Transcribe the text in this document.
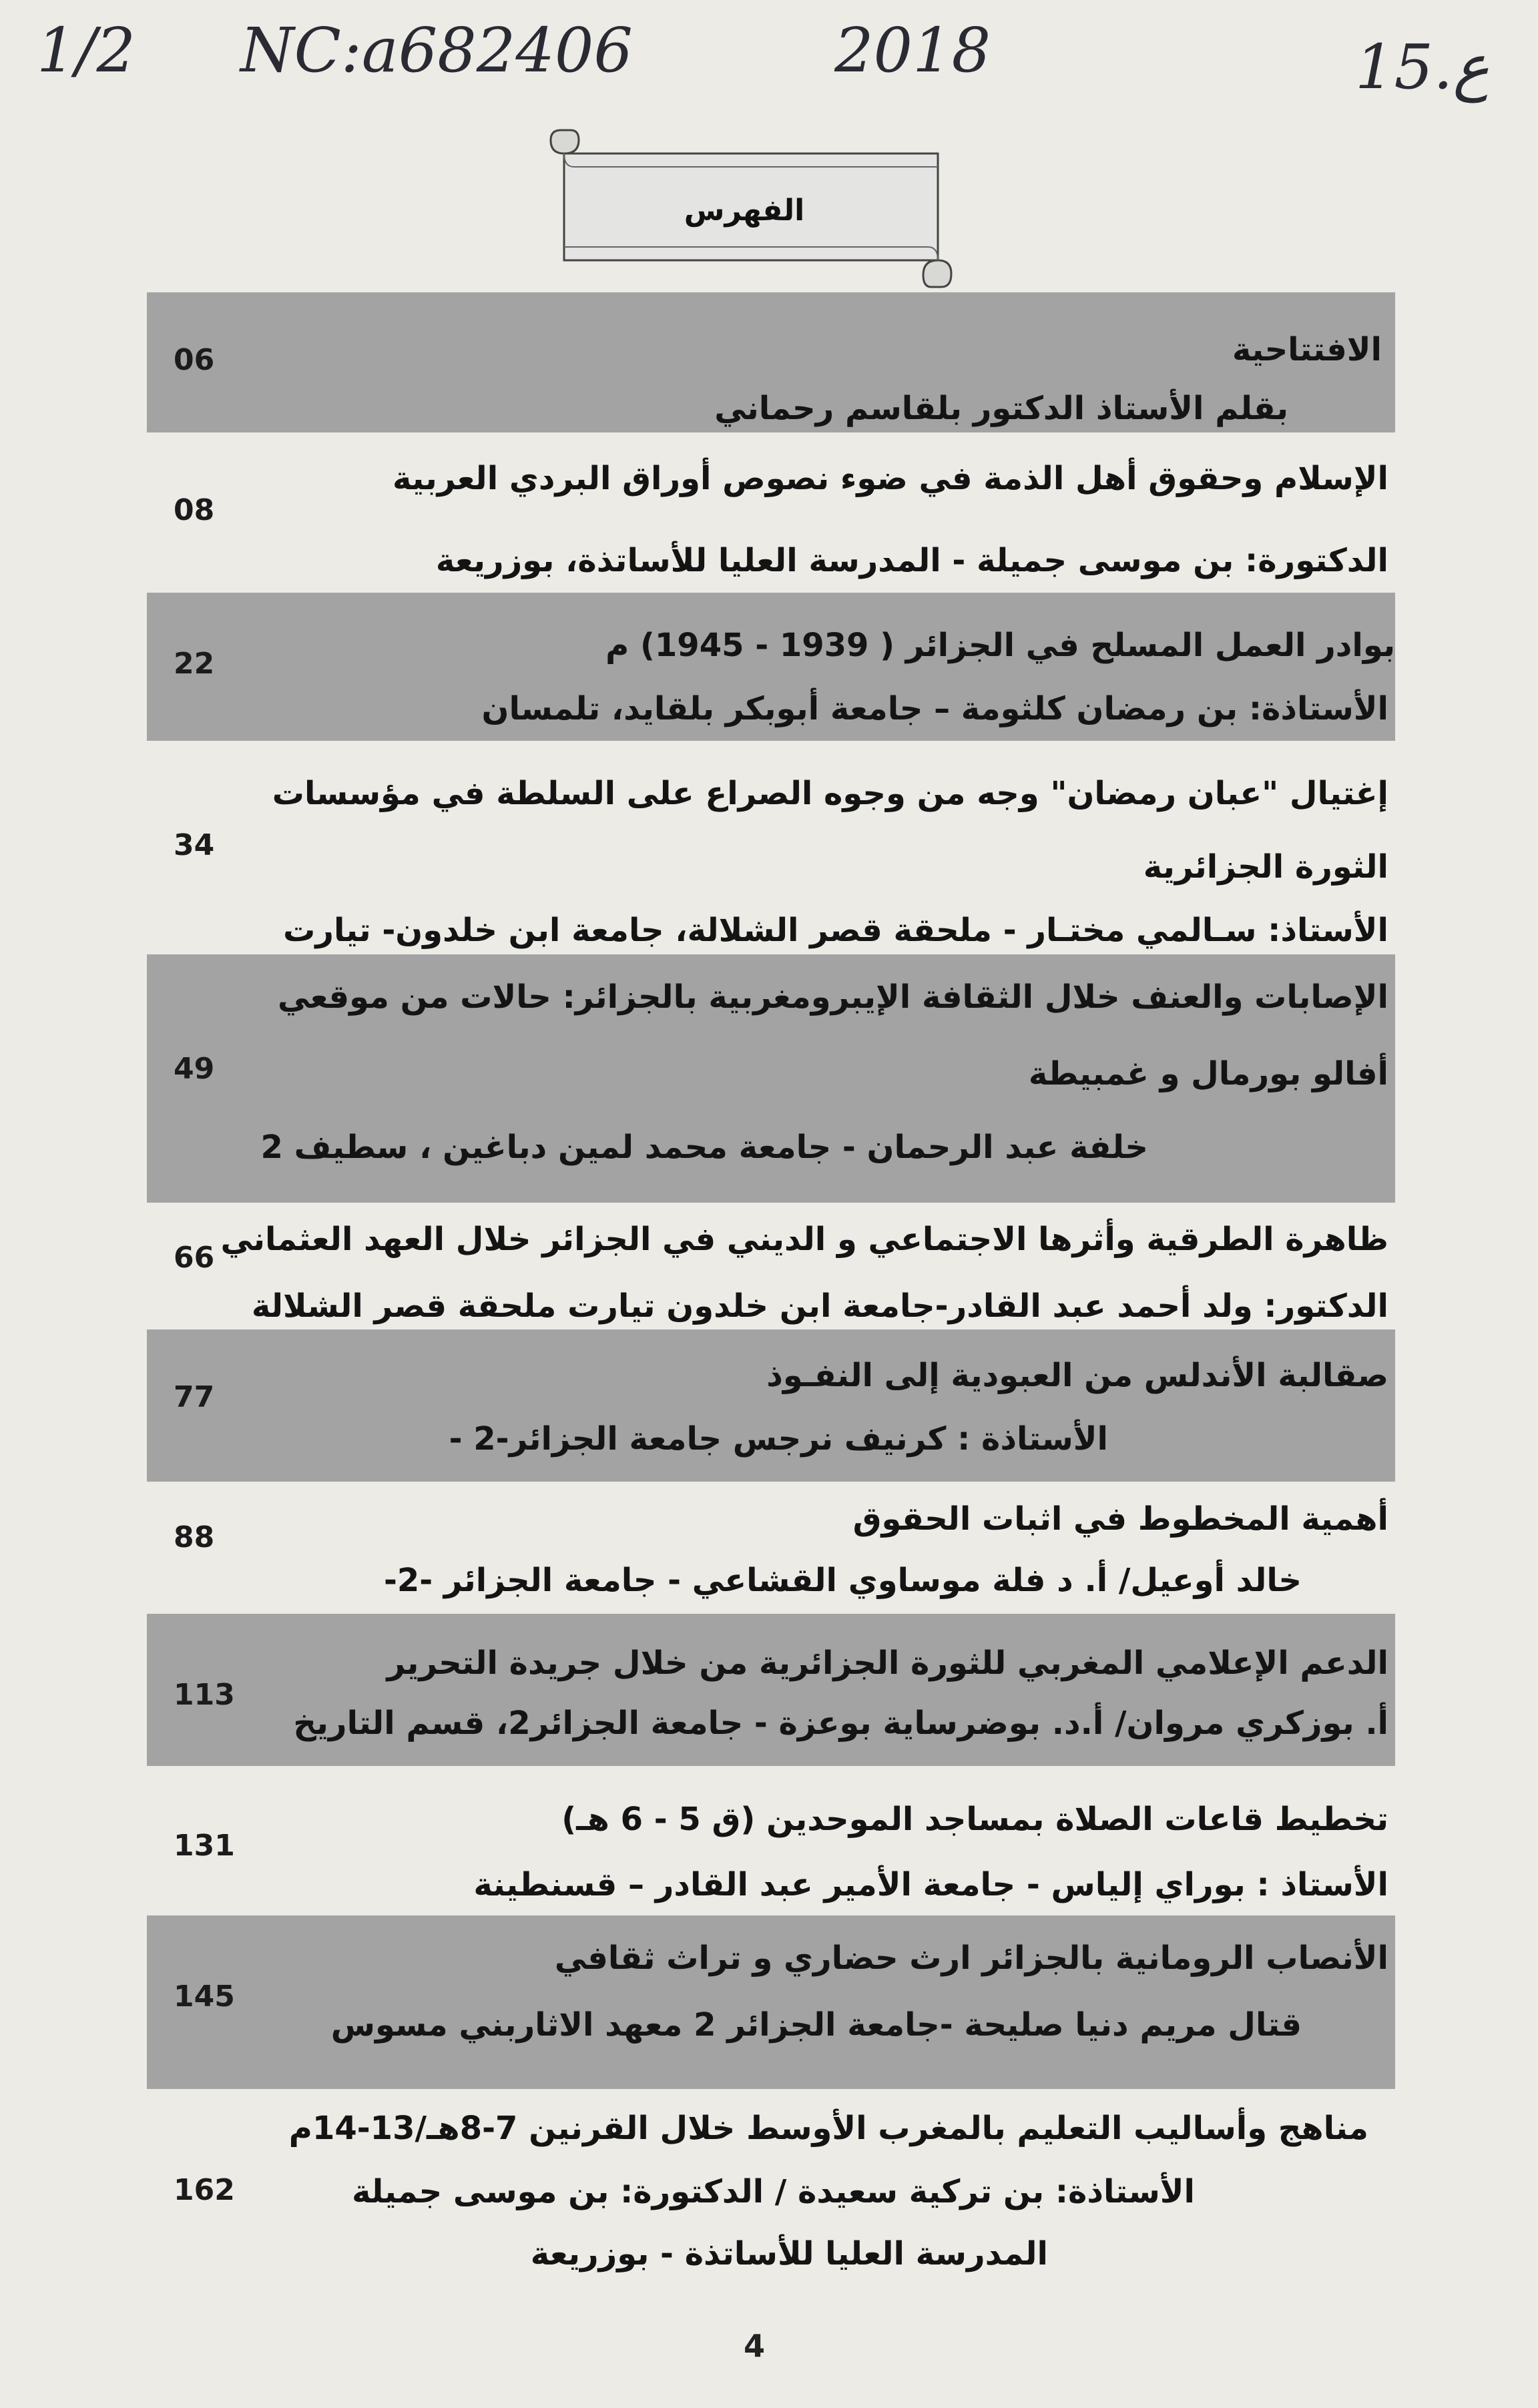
1/2 NC:a682406	2018	15.ع
الفهرس
الافتتاحية
بقلم الأستاذ الدكتور بلقاسم رحماني
06
الإسلام وحقوق أهل الذمة في ضوء نصوص أوراق البردي العربية
الدكتورة: بن موسى جميلة - المدرسة العليا للأساتذة، بوزريعة
08
بوادر العمل المسلح في الجزائر ( 1939 - 1945) م
الأستاذة: بن رمضان كلثومة – جامعة أبوبكر بلقايد، تلمسان
22
إغتيال "عبان رمضان" وجه من وجوه الصراع على السلطة في مؤسسات
الثورة الجزائرية
الأستاذ: سـالمي مختـار - ملحقة قصر الشلالة، جامعة ابن خلدون- تيارت
34
الإصابات والعنف خلال الثقافة الإيبرومغربية بالجزائر: حالات من موقعي
أفالو بورمال و غمبيطة
خلفة عبد الرحمان - جامعة محمد لمين دباغين ، سطيف 2
49
ظاهرة الطرقية وأثرها الاجتماعي و الديني في الجزائر خلال العهد العثماني
الدكتور: ولد أحمد عبد القادر-جامعة ابن خلدون تيارت ملحقة قصر الشلالة
66
صقالبة الأندلس من العبودية إلى النفـوذ
الأستاذة : كرنيف نرجس جامعة الجزائر-2 -
77
أهمية المخطوط في اثبات الحقوق
خالد أوعيل/ أ. د فلة موساوي القشاعي - جامعة الجزائر -2-
88
الدعم الإعلامي المغربي للثورة الجزائرية من خلال جريدة التحرير
أ. بوزكري مروان/ أ.د. بوضرساية بوعزة - جامعة الجزائر2، قسم التاريخ
113
تخطيط قاعات الصلاة بمساجد الموحدين (ق 5 - 6 هـ)
الأستاذ : بوراي إلياس - جامعة الأمير عبد القادر – قسنطينة
131
الأنصاب الرومانية بالجزائر ارث حضاري و تراث ثقافي
قتال مريم دنيا صليحة -جامعة الجزائر 2 معهد الاثاربني مسوس
145
مناهج وأساليب التعليم بالمغرب الأوسط خلال القرنين 7-8هـ/13-14م
الأستاذة: بن تركية سعيدة / الدكتورة: بن موسى جميلة
المدرسة العليا للأساتذة - بوزريعة
162
4
